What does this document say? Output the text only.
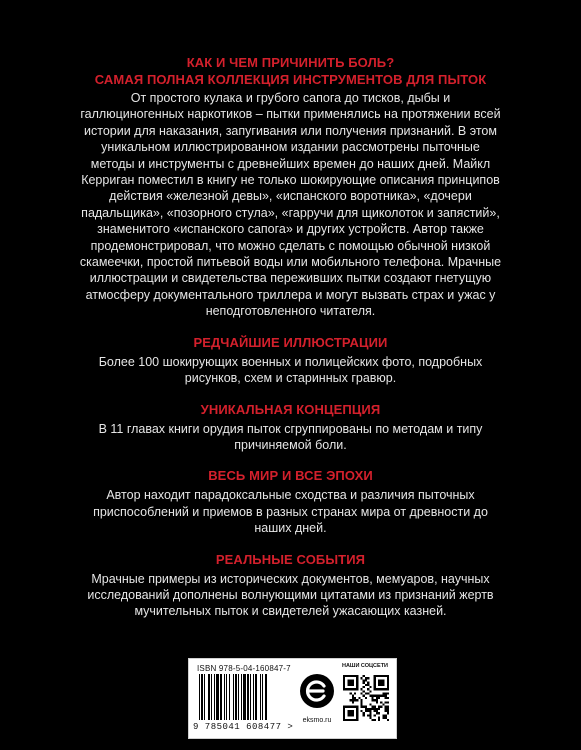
КАК И ЧЕМ ПРИЧИНИТЬ БОЛЬ?
САМАЯ ПОЛНАЯ КОЛЛЕКЦИЯ ИНСТРУМЕНТОВ ДЛЯ ПЫТОК

От простого кулака и грубого сапога до тисков, дыбы и галлюциногенных наркотиков – пытки применялись на протяжении всей истории для наказания, запугивания или получения признаний. В этом уникальном иллюстрированном издании рассмотрены пыточные методы и инструменты с древнейших времен до наших дней. Майкл Керриган поместил в книгу не только шокирующие описания принципов действия «железной девы», «испанского воротника», «дочери падальщика», «позорного стула», «гарручи для щиколоток и запястий», знаменитого «испанского сапога» и других устройств. Автор также продемонстрировал, что можно сделать с помощью обычной низкой скамеечки, простой питьевой воды или мобильного телефона. Мрачные иллюстрации и свидетельства переживших пытки создают гнетущую атмосферу документального триллера и могут вызвать страх и ужас у неподготовленного читателя.

РЕДЧАЙШИЕ ИЛЛЮСТРАЦИИ

Более 100 шокирующих военных и полицейских фото, подробных рисунков, схем и старинных гравюр.

УНИКАЛЬНАЯ КОНЦЕПЦИЯ

В 11 главах книги орудия пыток сгруппированы по методам и типу причиняемой боли.

ВЕСЬ МИР И ВСЕ ЭПОХИ

Автор находит парадоксальные сходства и различия пыточных приспособлений и приемов в разных странах мира от древности до наших дней.

РЕАЛЬНЫЕ СОБЫТИЯ

Мрачные примеры из исторических документов, мемуаров, научных исследований дополнены волнующими цитатами из признаний жертв мучительных пыток и свидетелей ужасающих казней.

ISBN 978-5-04-160847-7
9 785041 608477 >
eksmo.ru
НАШИ СОЦСЕТИ
